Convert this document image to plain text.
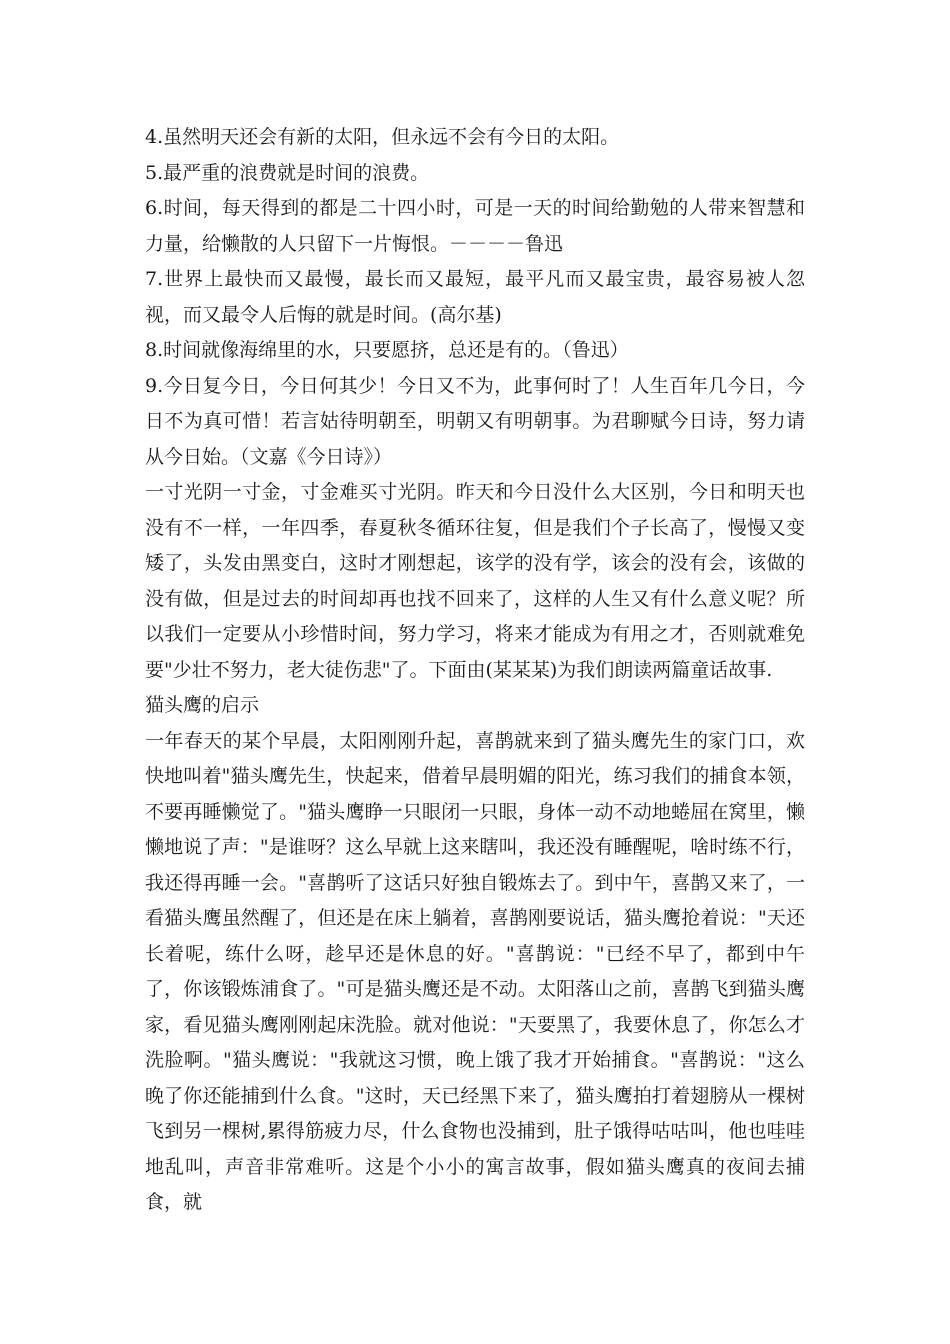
4.虽然明天还会有新的太阳，但永远不会有今日的太阳。

5.最严重的浪费就是时间的浪费。

6.时间，每天得到的都是二十四小时，可是一天的时间给勤勉的人带来智慧和力量，给懒散的人只留下一片悔恨。－－－－鲁迅

7.世界上最快而又最慢，最长而又最短，最平凡而又最宝贵，最容易被人忽视，而又最令人后悔的就是时间。(高尔基)

8.时间就像海绵里的水，只要愿挤，总还是有的。（鲁迅）

9.今日复今日，今日何其少！今日又不为，此事何时了！人生百年几今日，今日不为真可惜！若言姑待明朝至，明朝又有明朝事。为君聊赋今日诗，努力请从今日始。（文嘉《今日诗》）

一寸光阴一寸金，寸金难买寸光阴。昨天和今日没什么大区别，今日和明天也没有不一样，一年四季，春夏秋冬循环往复，但是我们个子长高了，慢慢又变矮了，头发由黑变白，这时才刚想起，该学的没有学，该会的没有会，该做的没有做，但是过去的时间却再也找不回来了，这样的人生又有什么意义呢？所以我们一定要从小珍惜时间，努力学习，将来才能成为有用之才，否则就难免要"少壮不努力，老大徒伤悲"了。下面由(某某某)为我们朗读两篇童话故事.

猫头鹰的启示

一年春天的某个早晨，太阳刚刚升起，喜鹊就来到了猫头鹰先生的家门口，欢快地叫着"猫头鹰先生，快起来，借着早晨明媚的阳光，练习我们的捕食本领，不要再睡懒觉了。"猫头鹰睁一只眼闭一只眼，身体一动不动地蜷屈在窝里，懒懒地说了声："是谁呀？这么早就上这来瞎叫，我还没有睡醒呢，啥时练不行，我还得再睡一会。"喜鹊听了这话只好独自锻炼去了。到中午，喜鹊又来了，一看猫头鹰虽然醒了，但还是在床上躺着，喜鹊刚要说话，猫头鹰抢着说："天还长着呢，练什么呀，趁早还是休息的好。"喜鹊说："已经不早了，都到中午了，你该锻炼浦食了。"可是猫头鹰还是不动。太阳落山之前，喜鹊飞到猫头鹰家，看见猫头鹰刚刚起床洗脸。就对他说："天要黑了，我要休息了，你怎么才洗脸啊。"猫头鹰说："我就这习惯，晚上饿了我才开始捕食。"喜鹊说："这么晚了你还能捕到什么食。"这时，天已经黑下来了，猫头鹰拍打着翅膀从一棵树飞到另一棵树,累得筋疲力尽，什么食物也没捕到，肚子饿得咕咕叫，他也哇哇地乱叫，声音非常难听。这是个小小的寓言故事，假如猫头鹰真的夜间去捕食，就
